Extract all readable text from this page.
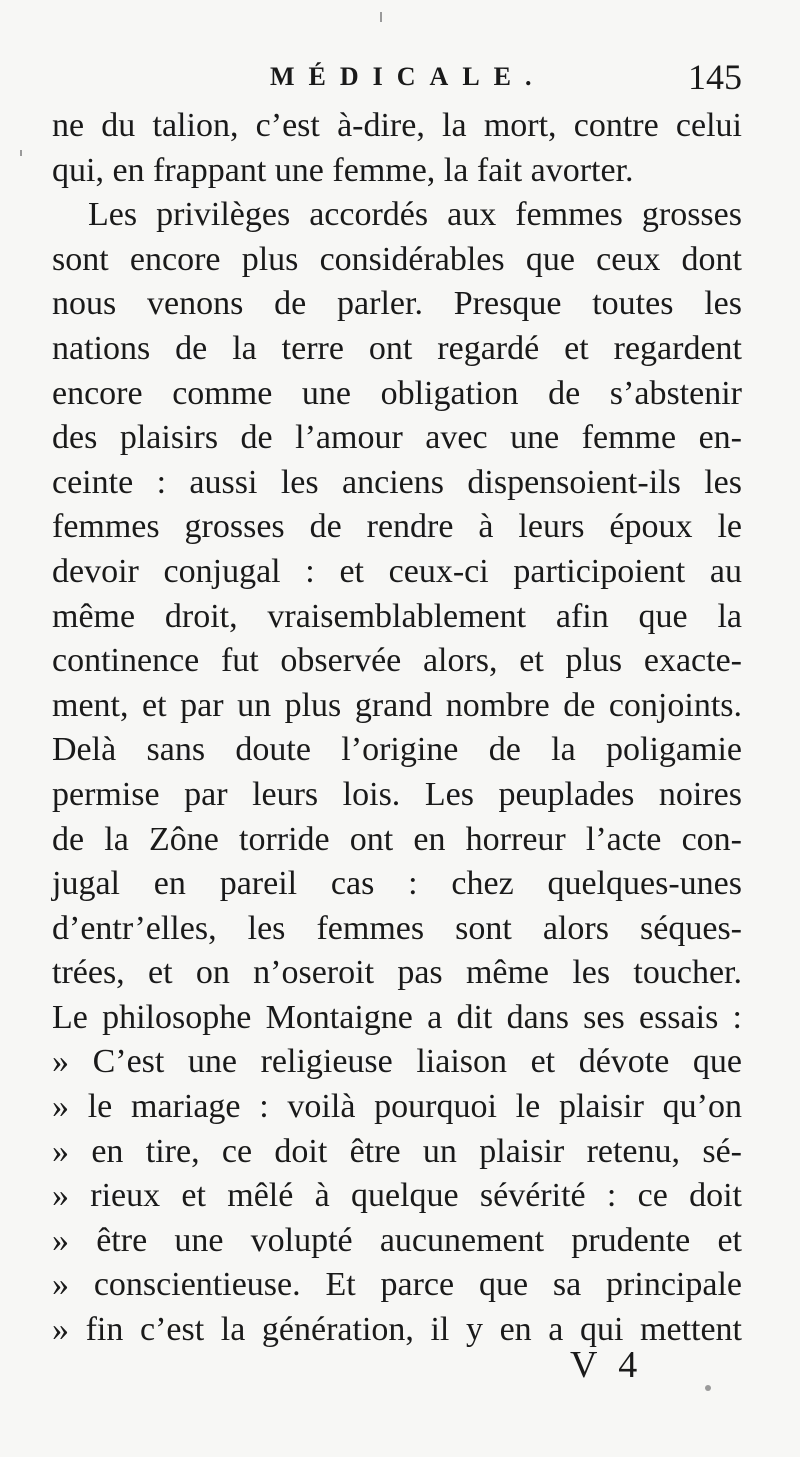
MÉDICALE.	145
ne du talion, c’est à-dire, la mort, contre celui
qui, en frappant une femme, la fait avorter.
Les privilèges accordés aux femmes grosses
sont encore plus considérables que ceux dont
nous venons de parler. Presque toutes les
nations de la terre ont regardé et regardent
encore comme une obligation de s’abstenir
des plaisirs de l’amour avec une femme en-
ceinte : aussi les anciens dispensoient-ils les
femmes grosses de rendre à leurs époux le
devoir conjugal : et ceux-ci participoient au
même droit, vraisemblablement afin que la
continence fut observée alors, et plus exacte-
ment, et par un plus grand nombre de conjoints.
Delà sans doute l’origine de la poligamie
permise par leurs lois. Les peuplades noires
de la Zône torride ont en horreur l’acte con-
jugal en pareil cas : chez quelques-unes
d’entr’elles, les femmes sont alors séques-
trées, et on n’oseroit pas même les toucher.
Le philosophe Montaigne a dit dans ses essais :
» C’est une religieuse liaison et dévote que
» le mariage : voilà pourquoi le plaisir qu’on
» en tire, ce doit être un plaisir retenu, sé-
» rieux et mêlé à quelque sévérité : ce doit
» être une volupté aucunement prudente et
» conscientieuse. Et parce que sa principale
» fin c’est la génération, il y en a qui mettent
V 4
